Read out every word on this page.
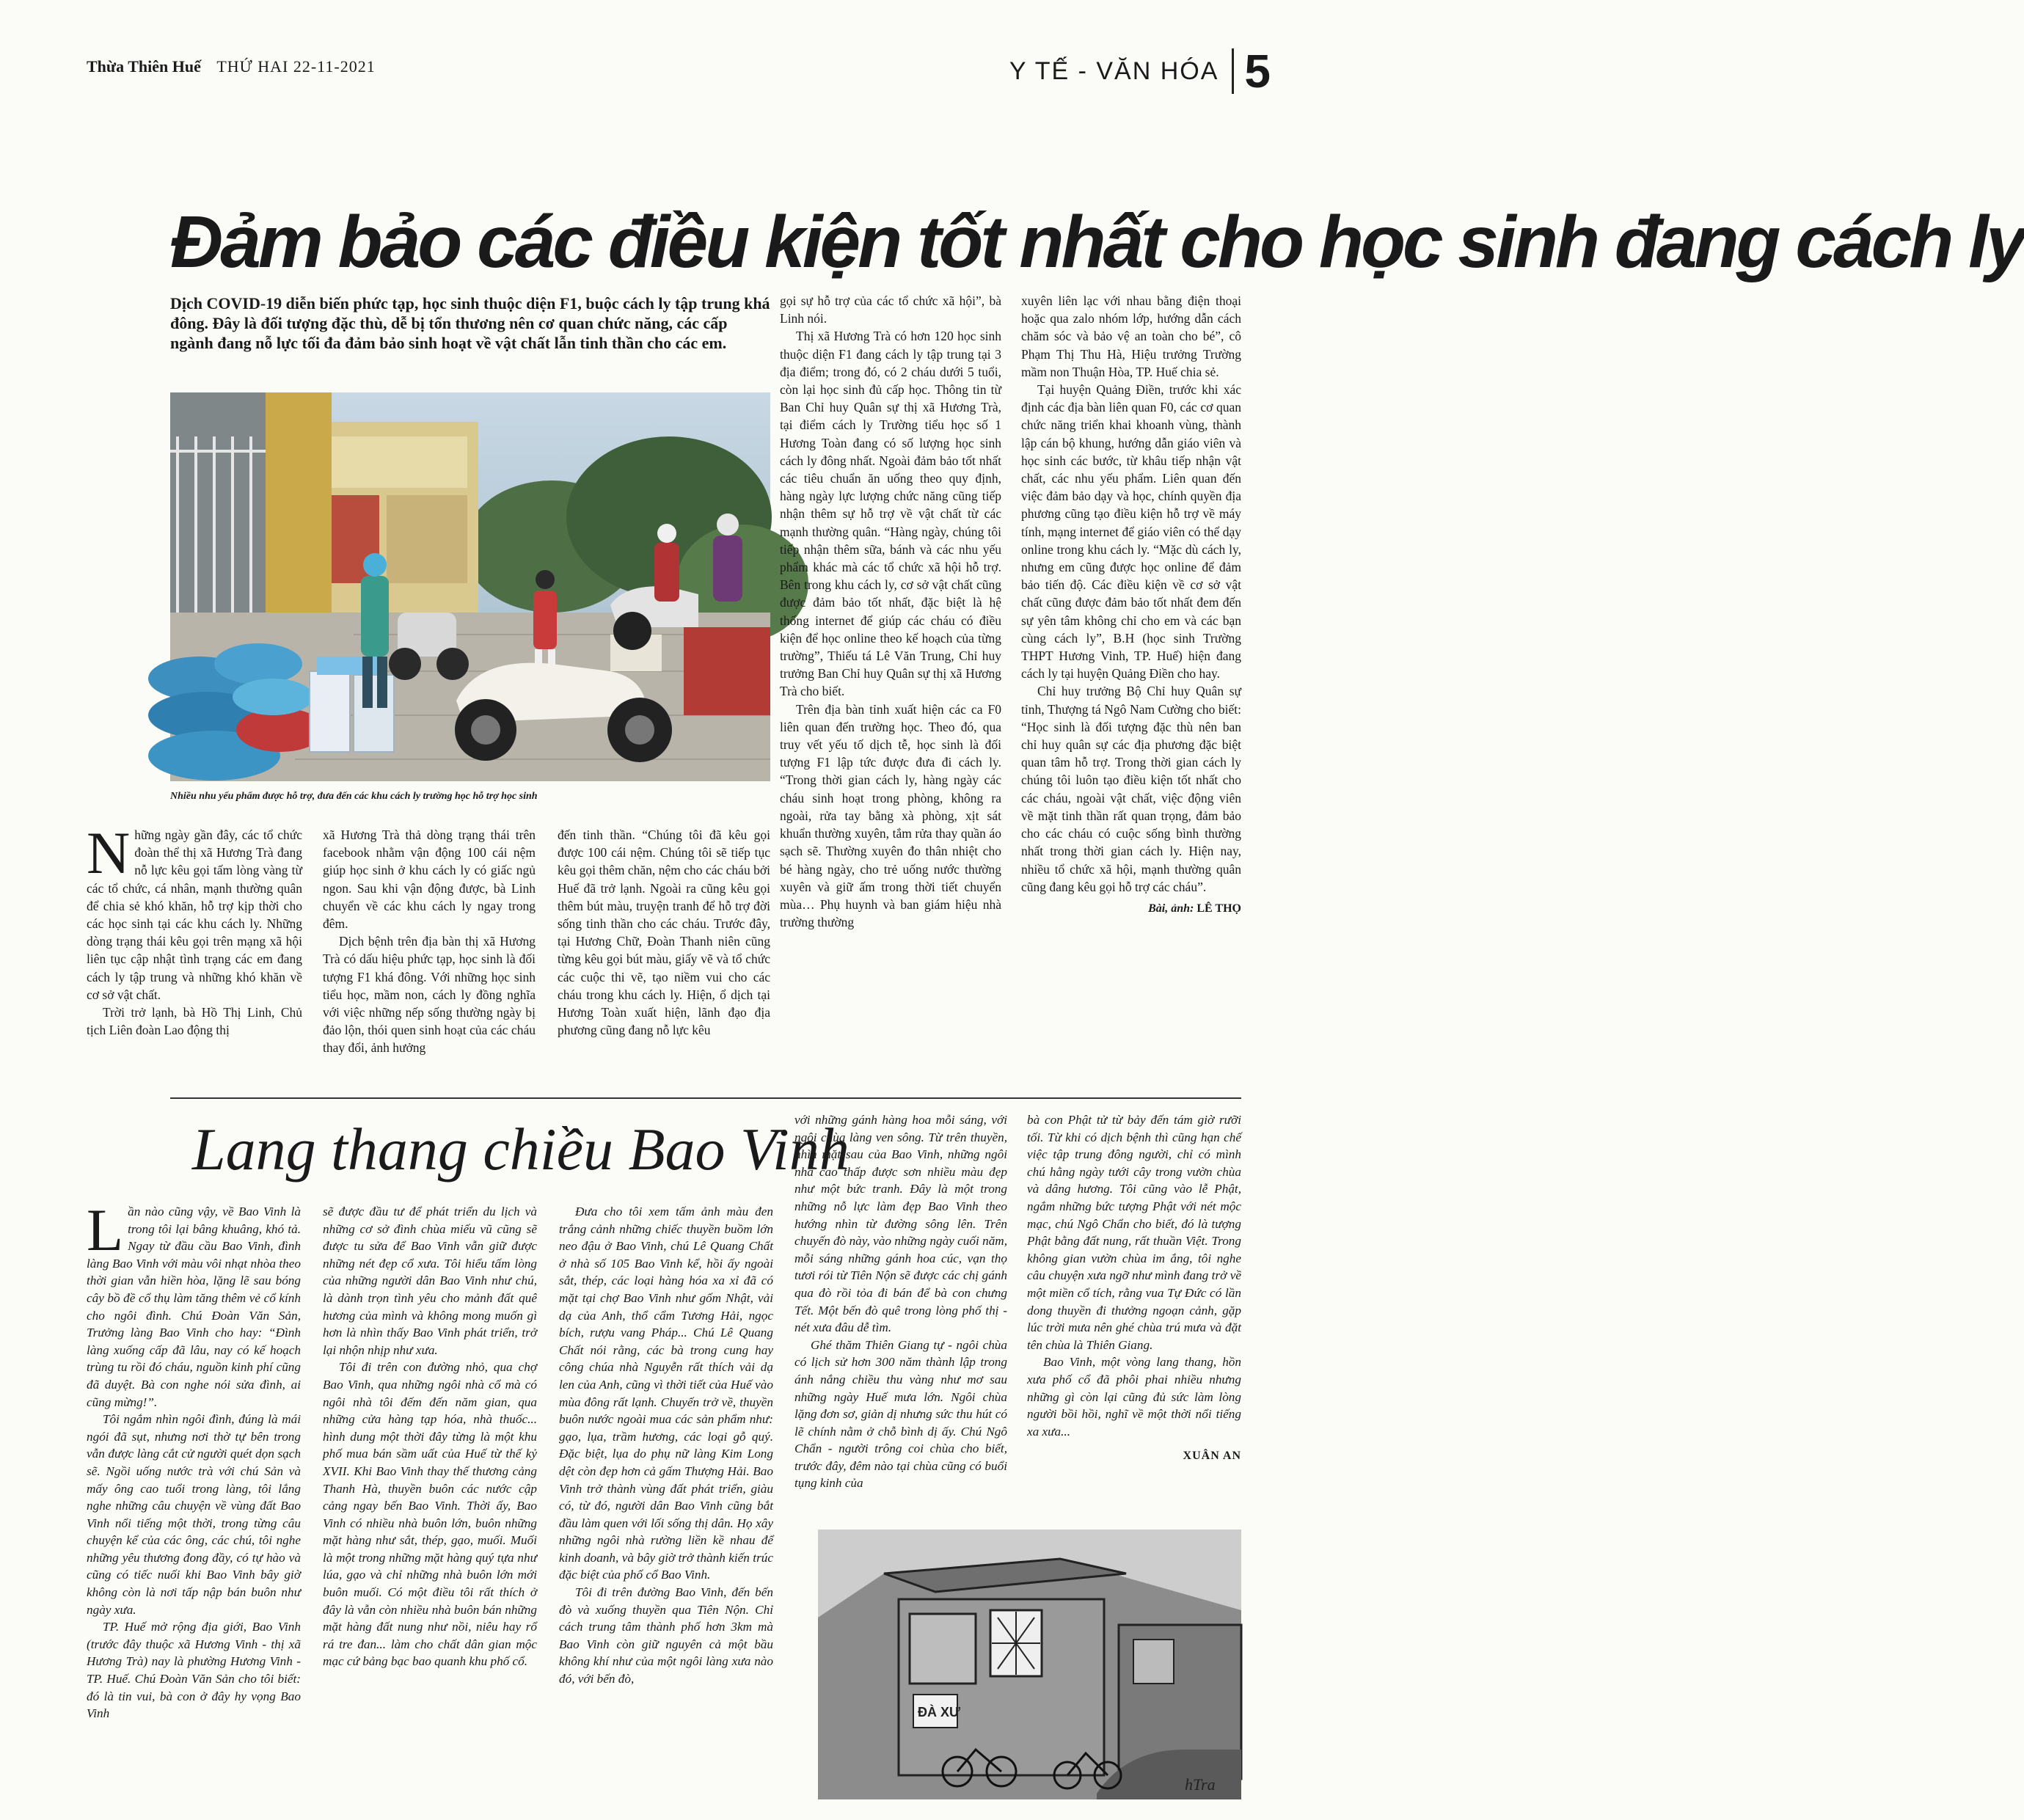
Thừa Thiên Huế THỨ HAI 22-11-2021	Y TẾ - VĂN HÓA 5
Đảm bảo các điều kiện tốt nhất cho học sinh đang cách ly
Dịch COVID-19 diễn biến phức tạp, học sinh thuộc diện F1, buộc cách ly tập trung khá đông. Đây là đối tượng đặc thù, dễ bị tổn thương nên cơ quan chức năng, các cấp ngành đang nỗ lực tối đa đảm bảo sinh hoạt về vật chất lẫn tinh thần cho các em.
Nhiều nhu yếu phẩm được hỗ trợ, đưa đến các khu cách ly trường học hỗ trợ học sinh
N hững ngày gần đây, các tổ chức đoàn thể thị xã Hương Trà đang nỗ lực kêu gọi tấm lòng vàng từ các tổ chức, cá nhân, mạnh thường quân để chia sẻ khó khăn, hỗ trợ kịp thời cho các học sinh tại các khu cách ly. Những dòng trạng thái kêu gọi trên mạng xã hội liên tục cập nhật tình trạng các em đang cách ly tập trung và những khó khăn về cơ sở vật chất.

Trời trở lạnh, bà Hồ Thị Linh, Chủ tịch Liên đoàn Lao động thị

xã Hương Trà thả dòng trạng thái trên facebook nhằm vận động 100 cái nệm giúp học sinh ở khu cách ly có giấc ngủ ngon. Sau khi vận động được, bà Linh chuyển về các khu cách ly ngay trong đêm.

Dịch bệnh trên địa bàn thị xã Hương Trà có dấu hiệu phức tạp, học sinh là đối tượng F1 khá đông. Với những học sinh tiểu học, mầm non, cách ly đồng nghĩa với việc những nếp sống thường ngày bị đảo lộn, thói quen sinh hoạt của các cháu thay đổi, ảnh hưởng

đến tinh thần. “Chúng tôi đã kêu gọi được 100 cái nệm. Chúng tôi sẽ tiếp tục kêu gọi thêm chăn, nệm cho các cháu bởi Huế đã trở lạnh. Ngoài ra cũng kêu gọi thêm bút màu, truyện tranh để hỗ trợ đời sống tinh thần cho các cháu. Trước đây, tại Hương Chữ, Đoàn Thanh niên cũng từng kêu gọi bút màu, giấy vẽ và tổ chức các cuộc thi vẽ, tạo niềm vui cho các cháu trong khu cách ly. Hiện, ổ dịch tại Hương Toàn xuất hiện, lãnh đạo địa phương cũng đang nỗ lực kêu

gọi sự hỗ trợ của các tổ chức xã hội”, bà Linh nói.

Thị xã Hương Trà có hơn 120 học sinh thuộc diện F1 đang cách ly tập trung tại 3 địa điểm; trong đó, có 2 cháu dưới 5 tuổi, còn lại học sinh đủ cấp học. Thông tin từ Ban Chỉ huy Quân sự thị xã Hương Trà, tại điểm cách ly Trường tiểu học số 1 Hương Toàn đang có số lượng học sinh cách ly đông nhất. Ngoài đảm bảo tốt nhất các tiêu chuẩn ăn uống theo quy định, hàng ngày lực lượng chức năng cũng tiếp nhận thêm sự hỗ trợ về vật chất từ các mạnh thường quân. “Hàng ngày, chúng tôi tiếp nhận thêm sữa, bánh và các nhu yếu phẩm khác mà các tổ chức xã hội hỗ trợ. Bên trong khu cách ly, cơ sở vật chất cũng được đảm bảo tốt nhất, đặc biệt là hệ thống internet để giúp các cháu có điều kiện để học online theo kế hoạch của từng trường”, Thiếu tá Lê Văn Trung, Chỉ huy trưởng Ban Chỉ huy Quân sự thị xã Hương Trà cho biết.

Trên địa bàn tỉnh xuất hiện các ca F0 liên quan đến trường học. Theo đó, qua truy vết yếu tố dịch tễ, học sinh là đối tượng F1 lập tức được đưa đi cách ly. “Trong thời gian cách ly, hàng ngày các cháu sinh hoạt trong phòng, không ra ngoài, rửa tay bằng xà phòng, xịt sát khuẩn thường xuyên, tắm rửa thay quần áo sạch sẽ. Thường xuyên đo thân nhiệt cho bé hàng ngày, cho trẻ uống nước thường xuyên và giữ ấm trong thời tiết chuyển mùa… Phụ huynh và ban giám hiệu nhà trường thường

xuyên liên lạc với nhau bằng điện thoại hoặc qua zalo nhóm lớp, hướng dẫn cách chăm sóc và bảo vệ an toàn cho bé”, cô Phạm Thị Thu Hà, Hiệu trưởng Trường mầm non Thuận Hòa, TP. Huế chia sẻ.

Tại huyện Quảng Điền, trước khi xác định các địa bàn liên quan F0, các cơ quan chức năng triển khai khoanh vùng, thành lập cán bộ khung, hướng dẫn giáo viên và học sinh các bước, từ khâu tiếp nhận vật chất, các nhu yếu phẩm. Liên quan đến việc đảm bảo dạy và học, chính quyền địa phương cũng tạo điều kiện hỗ trợ về máy tính, mạng internet để giáo viên có thể dạy online trong khu cách ly. “Mặc dù cách ly, nhưng em cũng được học online để đảm bảo tiến độ. Các điều kiện về cơ sở vật chất cũng được đảm bảo tốt nhất đem đến sự yên tâm không chỉ cho em và các bạn cùng cách ly”, B.H (học sinh Trường THPT Hương Vinh, TP. Huế) hiện đang cách ly tại huyện Quảng Điền cho hay.

Chỉ huy trưởng Bộ Chỉ huy Quân sự tỉnh, Thượng tá Ngô Nam Cường cho biết: “Học sinh là đối tượng đặc thù nên ban chỉ huy quân sự các địa phương đặc biệt quan tâm hỗ trợ. Trong thời gian cách ly chúng tôi luôn tạo điều kiện tốt nhất cho các cháu, ngoài vật chất, việc động viên về mặt tinh thần rất quan trọng, đảm bảo cho các cháu có cuộc sống bình thường nhất trong thời gian cách ly. Hiện nay, nhiều tổ chức xã hội, mạnh thường quân cũng đang kêu gọi hỗ trợ các cháu”.

Bài, ảnh: LÊ THỌ
Lang thang chiều Bao Vinh
L ần nào cũng vậy, về Bao Vinh là trong tôi lại bâng khuâng, khó tả. Ngay từ đầu cầu Bao Vinh, đình làng Bao Vinh với màu vôi nhạt nhòa theo thời gian vẫn hiền hòa, lặng lẽ sau bóng cây bồ đề cổ thụ làm tăng thêm vẻ cổ kính cho ngôi đình. Chú Đoàn Văn Sản, Trưởng làng Bao Vinh cho hay: “Đình làng xuống cấp đã lâu, nay có kế hoạch trùng tu rồi đó cháu, nguồn kinh phí cũng đã duyệt. Bà con nghe nói sửa đình, ai cũng mừng!”.

Tôi ngắm nhìn ngôi đình, đúng là mái ngói đã sụt, nhưng nơi thờ tự bên trong vẫn được làng cắt cử người quét dọn sạch sẽ. Ngồi uống nước trà với chú Sản và mấy ông cao tuổi trong làng, tôi lắng nghe những câu chuyện về vùng đất Bao Vinh nổi tiếng một thời, trong từng câu chuyện kể của các ông, các chú, tôi nghe những yêu thương đong đầy, có tự hào và cũng có tiếc nuối khi Bao Vinh bây giờ không còn là nơi tấp nập bán buôn như ngày xưa.

TP. Huế mở rộng địa giới, Bao Vinh (trước đây thuộc xã Hương Vinh - thị xã Hương Trà) nay là phường Hương Vinh - TP. Huế. Chú Đoàn Văn Sản cho tôi biết: đó là tin vui, bà con ở đây hy vọng Bao Vinh

sẽ được đầu tư để phát triển du lịch và những cơ sở đình chùa miếu vũ cũng sẽ được tu sửa để Bao Vinh vẫn giữ được những nét đẹp cổ xưa. Tôi hiểu tấm lòng của những người dân Bao Vinh như chú, là dành trọn tình yêu cho mảnh đất quê hương của mình và không mong muốn gì hơn là nhìn thấy Bao Vinh phát triển, trở lại nhộn nhịp như xưa.

Tôi đi trên con đường nhỏ, qua chợ Bao Vinh, qua những ngôi nhà cổ mà có ngôi nhà tôi đếm đến năm gian, qua những cửa hàng tạp hóa, nhà thuốc... hình dung một thời đây từng là một khu phố mua bán sầm uất của Huế từ thế kỷ XVII. Khi Bao Vinh thay thế thương cảng Thanh Hà, thuyền buôn các nước cập cảng ngay bến Bao Vinh. Thời ấy, Bao Vinh có nhiều nhà buôn lớn, buôn những mặt hàng như sắt, thép, gạo, muối. Muối là một trong những mặt hàng quý tựa như lúa, gạo và chỉ những nhà buôn lớn mới buôn muối. Có một điều tôi rất thích ở đây là vẫn còn nhiều nhà buôn bán những mặt hàng đất nung như nồi, niêu hay rổ rá tre đan... làm cho chất dân gian mộc mạc cứ bảng bạc bao quanh khu phố cổ.

Đưa cho tôi xem tấm ảnh màu đen trắng cảnh những chiếc thuyền buồm lớn neo đậu ở Bao Vinh, chú Lê Quang Chất ở nhà số 105 Bao Vinh kể, hồi ấy ngoài sắt, thép, các loại hàng hóa xa xỉ đã có mặt tại chợ Bao Vinh như gốm Nhật, vải dạ của Anh, thổ cẩm Tương Hải, ngọc bích, rượu vang Pháp... Chú Lê Quang Chất nói rằng, các bà trong cung hay công chúa nhà Nguyễn rất thích vải dạ len của Anh, cũng vì thời tiết của Huế vào mùa đông rất lạnh. Chuyến trở về, thuyền buôn nước ngoài mua các sản phẩm như: gạo, lụa, trầm hương, các loại gỗ quý. Đặc biệt, lụa do phụ nữ làng Kim Long dệt còn đẹp hơn cả gấm Thượng Hải. Bao Vinh trở thành vùng đất phát triển, giàu có, từ đó, người dân Bao Vinh cũng bắt đầu làm quen với lối sống thị dân. Họ xây những ngôi nhà rường liền kề nhau để kinh doanh, và bây giờ trở thành kiến trúc đặc biệt của phố cổ Bao Vinh.

Tôi đi trên đường Bao Vinh, đến bến đò và xuống thuyền qua Tiên Nộn. Chỉ cách trung tâm thành phố hơn 3km mà Bao Vinh còn giữ nguyên cả một bầu không khí như của một ngôi làng xưa nào đó, với bến đò,

với những gánh hàng hoa mỗi sáng, với ngôi chùa làng ven sông. Từ trên thuyền, nhìn mặt sau của Bao Vinh, những ngôi nhà cao thấp được sơn nhiều màu đẹp như một bức tranh. Đây là một trong những nỗ lực làm đẹp Bao Vinh theo hướng nhìn từ đường sông lên. Trên chuyến đò này, vào những ngày cuối năm, mỗi sáng những gánh hoa cúc, vạn thọ tươi rói từ Tiên Nộn sẽ được các chị gánh qua đò rồi tỏa đi bán để bà con chưng Tết. Một bến đò quê trong lòng phố thị - nét xưa đâu dễ tìm.

Ghé thăm Thiên Giang tự - ngôi chùa có lịch sử hơn 300 năm thành lập trong ánh nắng chiều thu vàng như mơ sau những ngày Huế mưa lớn. Ngôi chùa lặng đơn sơ, giản dị nhưng sức thu hút có lẽ chính nằm ở chỗ bình dị ấy. Chú Ngô Chẩn - người trông coi chùa cho biết, trước đây, đêm nào tại chùa cũng có buổi tụng kinh của

bà con Phật tử từ bảy đến tám giờ rưỡi tối. Từ khi có dịch bệnh thì cũng hạn chế việc tập trung đông người, chỉ có mình chú hằng ngày tưới cây trong vườn chùa và dâng hương. Tôi cũng vào lễ Phật, ngắm những bức tượng Phật với nét mộc mạc, chú Ngô Chẩn cho biết, đó là tượng Phật bằng đất nung, rất thuần Việt. Trong không gian vườn chùa im ắng, tôi nghe câu chuyện xưa ngỡ như mình đang trở về một miền cổ tích, rằng vua Tự Đức có lần dong thuyền đi thưởng ngoạn cảnh, gặp lúc trời mưa nên ghé chùa trú mưa và đặt tên chùa là Thiên Giang.

Bao Vinh, một vòng lang thang, hồn xưa phố cổ đã phôi phai nhiều nhưng những gì còn lại cũng đủ sức làm lòng người bồi hồi, nghĩ về một thời nổi tiếng xa xưa...

XUÂN AN
ĐÀ XƯ
hTra
